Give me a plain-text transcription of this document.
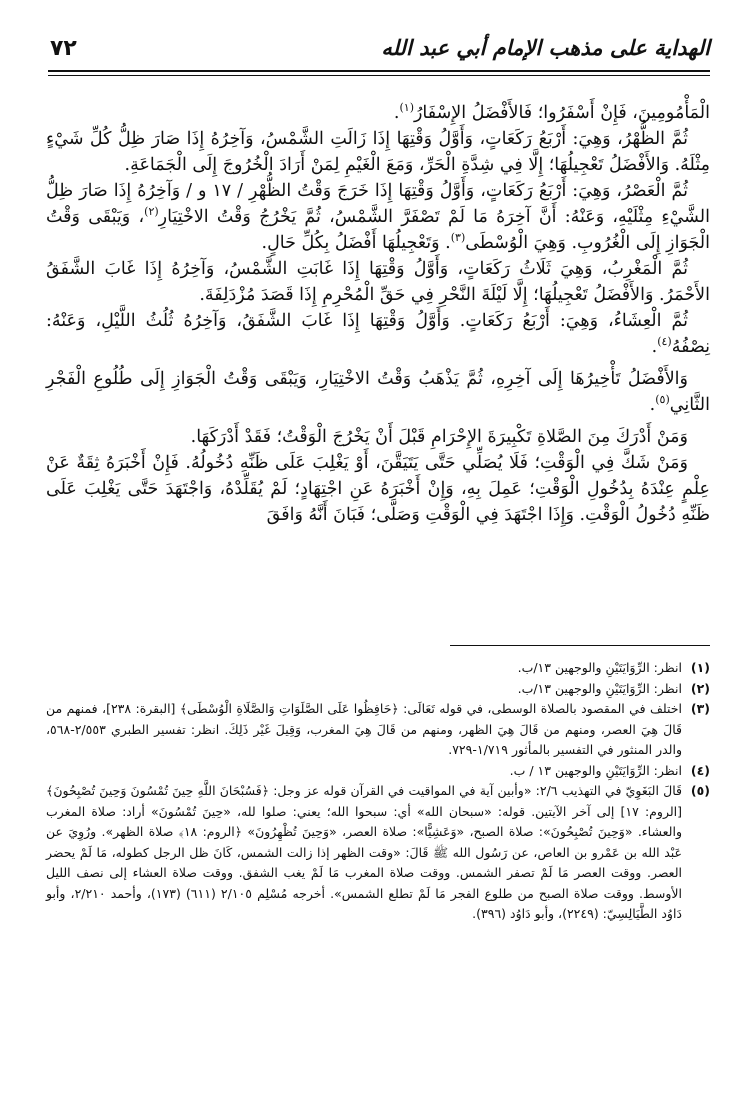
الهداية على مذهب الإمام أبي عبد الله
٧٢

الْمَأْمُومِينَ، فَإِنْ أَسْفَرُوا؛ فَالأَفْضَلُ الإِسْفَارُ$^{(١)}$.

ثُمَّ الظُّهْرُ، وَهِيَ: أَرْبَعُ رَكَعَاتٍ، وَأَوَّلُ وَقْتِهَا إِذَا زَالَتِ الشَّمْسُ، وَآخِرُهُ إِذَا صَارَ ظِلُّ كُلِّ شَيْءٍ مِثْلَهُ. وَالأَفْضَلُ تَعْجِيلُهَا؛ إِلَّا فِي شِدَّةِ الْحَرِّ، وَمَعَ الْغَيْمِ لِمَنْ أَرَادَ الْخُرُوجَ إِلَى الْجَمَاعَةِ.

ثُمَّ الْعَصْرُ، وَهِيَ: أَرْبَعُ رَكَعَاتٍ، وَأَوَّلُ وَقْتِهَا إِذَا خَرَجَ وَقْتُ الظُّهْرِ / ١٧ و / وَآخِرُهُ إِذَا صَارَ ظِلُّ الشَّيْءِ مِثْلَيْهِ، وَعَنْهُ: أَنَّ آخِرَهُ مَا لَمْ تَصْفَرَّ الشَّمْسُ، ثُمَّ يَخْرُجُ وَقْتُ الاخْتِيَارِ$^{(٢)}$، وَيَبْقَى وَقْتُ الْجَوَازِ إِلَى الْغُرُوبِ. وَهِيَ الْوُسْطَى$^{(٣)}$. وَتَعْجِيلُهَا أَفْضَلُ بِكُلِّ حَالٍ.

ثُمَّ الْمَغْرِبُ، وَهِيَ ثَلَاثُ رَكَعَاتٍ، وَأَوَّلُ وَقْتِهَا إِذَا غَابَتِ الشَّمْسُ، وَآخِرُهُ إِذَا غَابَ الشَّفَقُ الأَحْمَرُ. وَالأَفْضَلُ تَعْجِيلُهَا؛ إِلَّا لَيْلَةَ النَّحْرِ فِي حَقِّ الْمُحْرِمِ إِذَا قَصَدَ مُزْدَلِفَةَ.

ثُمَّ الْعِشَاءُ، وَهِيَ: أَرْبَعُ رَكَعَاتٍ. وَأَوَّلُ وَقْتِهَا إِذَا غَابَ الشَّفَقُ، وَآخِرُهُ ثُلُثُ اللَّيْلِ، وَعَنْهُ: نِصْفُهُ$^{(٤)}$.

وَالأَفْضَلُ تَأْخِيرُهَا إِلَى آخِرِهِ، ثُمَّ يَذْهَبُ وَقْتُ الاخْتِيَارِ، وَيَبْقَى وَقْتُ الْجَوَازِ إِلَى طُلُوعِ الْفَجْرِ الثَّانِي$^{(٥)}$.

وَمَنْ أَدْرَكَ مِنَ الصَّلاةِ تَكْبِيرَةَ الإِحْرَامِ قَبْلَ أَنْ يَخْرُجَ الْوَقْتُ؛ فَقَدْ أَدْرَكَهَا.

وَمَنْ شَكَّ فِي الْوَقْتِ؛ فَلَا يُصَلِّي حَتَّى يَتَيَقَّنَ، أَوْ يَغْلِبَ عَلَى ظَنِّهِ دُخُولُهُ. فَإِنْ أَخْبَرَهُ ثِقَةٌ عَنْ عِلْمٍ عِنْدَهُ بِدُخُولِ الْوَقْتِ؛ عَمِلَ بِهِ، وَإِنْ أَخْبَرَهُ عَنِ اجْتِهَادٍ؛ لَمْ يُقَلِّدْهُ، وَاجْتَهَدَ حَتَّى يَغْلِبَ عَلَى ظَنِّهِ دُخُولُ الْوَقْتِ. وَإِذَا اجْتَهَدَ فِي الْوَقْتِ وَصَلَّى؛ فَبَانَ أَنَّهُ وَافَقَ

(١)
انظر: الرِّوَايَتَيْنِ والوجهين ١٣/ب.
(٢)
انظر: الرِّوَايَتَيْنِ والوجهين ١٣/ب.
(٣)
اختلف في المقصود بالصلاة الوسطى، في قوله تَعَالَى: ﴿حَافِظُوا عَلَى الصَّلَوَاتِ وَالصَّلَاةِ الْوُسْطَى﴾ [البقرة: ٢٣٨]، فمنهم من قَالَ هِيَ العصر، ومنهم من قَالَ هِيَ الظهر، ومنهم من قَالَ هِيَ المغرب، وَقِيلَ غَيْر ذَلِكَ. انظر: تفسير الطبري ٢/٥٥٣-٥٦٨، والدر المنثور في التفسير بالمأثور ١/٧١٩-٧٢٩.
(٤)
انظر: الرِّوَايَتَيْنِ والوجهين ١٣ / ب.
(٥)
قَالَ البَغَوِيّ في التهذيب ٢/٦: «وأبين آية في المواقيت في القرآن قوله عز وجل: ﴿فَسُبْحَانَ اللَّهِ حِينَ تُمْسُونَ وَحِينَ تُصْبِحُونَ﴾ [الروم: ١٧] إلى آخر الآيتين. قوله: «سبحان الله» أي: سبحوا الله؛ يعني: صلوا لله، «حِينَ تُمْسُونَ» أراد: صلاة المغرب والعشاء. «وَحِينَ تُصْبِحُونَ»: صلاة الصبح، «وَعَشِيًّا»: صلاة العصر، «وَحِينَ تُظْهِرُونَ» ﴿الروم: ١٨﴾ صلاة الظهر». ورُوِيَ عن عَبْد الله بن عَمْرو بن العاص، عن رَسُول الله ﷺ قَالَ: «وقت الظهر إذا زالت الشمس، كَانَ ظل الرجل كطوله، مَا لَمْ يحضر العصر. ووقت العصر مَا لَمْ تصفر الشمس. ووقت صلاة المغرب مَا لَمْ يغب الشفق. ووقت صلاة العشاء إلى نصف الليل الأوسط. ووقت صلاة الصبح من طلوع الفجر مَا لَمْ تطلع الشمس». أخرجه مُسْلِم ٢/١٠٥ (٦١١) (١٧٣)، وأحمد ٢/٢١٠، وأبو دَاوُد الطَّيَالِسِيّ: (٢٢٤٩)، وأبو دَاوُد (٣٩٦).
